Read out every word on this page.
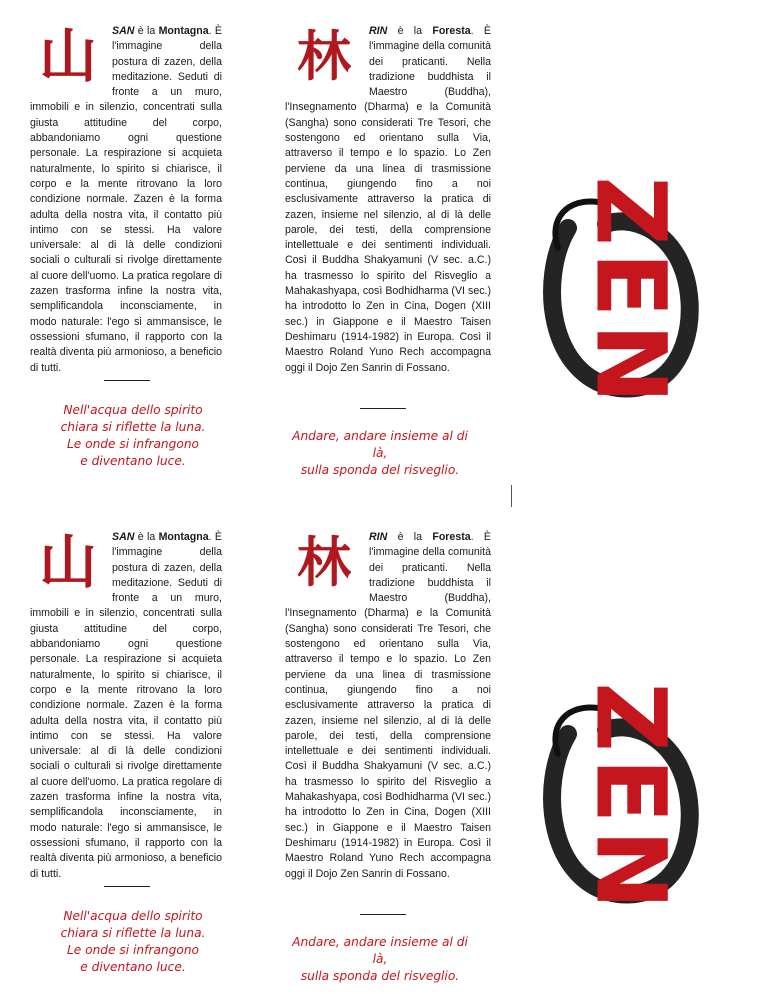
山	SAN è la Montagna. È l'immagine della postura di zazen, della meditazione. Seduti di fronte a un muro, immobili e in silenzio, concentrati sulla giusta attitudine del corpo, abbandoniamo ogni questione personale. La respirazione si acquieta naturalmente, lo spirito si chiarisce, il corpo e la mente ritrovano la loro condizione normale. Zazen è la forma adulta della nostra vita, il contatto più intimo con se stessi. Ha valore universale: al di là delle condizioni sociali o culturali si rivolge direttamente al cuore dell'uomo. La pratica regolare di zazen trasforma infine la nostra vita, semplificandola inconsciamente, in modo naturale: l'ego si ammansisce, le ossessioni sfumano, il rapporto con la realtà diventa più armonioso, a beneficio di tutti.

Nell'acqua dello spirito
chiara si riflette la luna.
Le onde si infrangono
e diventano luce.
林	RIN è la Foresta. È l'immagine della comunità dei praticanti. Nella tradizione buddhista il Maestro (Buddha), l'Insegnamento (Dharma) e la Comunità (Sangha) sono considerati Tre Tesori, che sostengono ed orientano sulla Via, attraverso il tempo e lo spazio. Lo Zen perviene da una linea di trasmissione continua, giungendo fino a noi esclusivamente attraverso la pratica di zazen, insieme nel silenzio, al di là delle parole, dei testi, della comprensione intellettuale e dei sentimenti individuali. Così il Buddha Shakyamuni (V sec. a.C.) ha trasmesso lo spirito del Risveglio a Mahakashyapa, così Bodhidharma (VI sec.) ha introdotto lo Zen in Cina, Dogen (XIII sec.) in Giappone e il Maestro Taisen Deshimaru (1914-1982) in Europa. Così il Maestro Roland Yuno Rech accompagna oggi il Dojo Zen Sanrin di Fossano.

Andare, andare insieme al di là,
sulla sponda del risveglio.
ZEN
山	SAN è la Montagna. È l'immagine della postura di zazen, della meditazione. Seduti di fronte a un muro, immobili e in silenzio, concentrati sulla giusta attitudine del corpo, abbandoniamo ogni questione personale. La respirazione si acquieta naturalmente, lo spirito si chiarisce, il corpo e la mente ritrovano la loro condizione normale. Zazen è la forma adulta della nostra vita, il contatto più intimo con se stessi. Ha valore universale: al di là delle condizioni sociali o culturali si rivolge direttamente al cuore dell'uomo. La pratica regolare di zazen trasforma infine la nostra vita, semplificandola inconsciamente, in modo naturale: l'ego si ammansisce, le ossessioni sfumano, il rapporto con la realtà diventa più armonioso, a beneficio di tutti.

Nell'acqua dello spirito
chiara si riflette la luna.
Le onde si infrangono
e diventano luce.
林	RIN è la Foresta. È l'immagine della comunità dei praticanti. Nella tradizione buddhista il Maestro (Buddha), l'Insegnamento (Dharma) e la Comunità (Sangha) sono considerati Tre Tesori, che sostengono ed orientano sulla Via, attraverso il tempo e lo spazio. Lo Zen perviene da una linea di trasmissione continua, giungendo fino a noi esclusivamente attraverso la pratica di zazen, insieme nel silenzio, al di là delle parole, dei testi, della comprensione intellettuale e dei sentimenti individuali. Così il Buddha Shakyamuni (V sec. a.C.) ha trasmesso lo spirito del Risveglio a Mahakashyapa, così Bodhidharma (VI sec.) ha introdotto lo Zen in Cina, Dogen (XIII sec.) in Giappone e il Maestro Taisen Deshimaru (1914-1982) in Europa. Così il Maestro Roland Yuno Rech accompagna oggi il Dojo Zen Sanrin di Fossano.

Andare, andare insieme al di là,
sulla sponda del risveglio.
ZEN
